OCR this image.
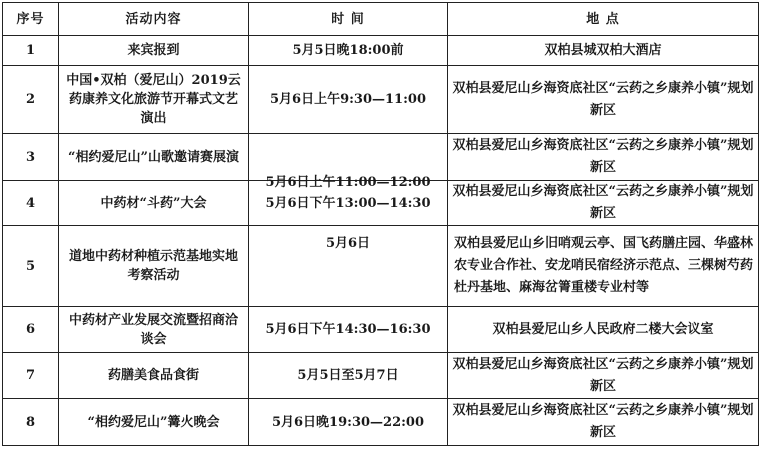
序号	活动内容	时 间	地 点
1	来宾报到	5月5日晚18:00前	双柏县城双柏大酒店
2	中国•双柏（爱尼山）2019云药康养文化旅游节开幕式文艺演出	5月6日上午9:30—11:00	双柏县爱尼山乡海资底社区“云药之乡康养小镇”规划新区
3	“相约爱尼山”山歌邀请赛展演	5月6日上午11:00—12:00	双柏县爱尼山乡海资底社区“云药之乡康养小镇”规划新区
4	中药材“斗药”大会	5月6日下午13:00—14:30	双柏县爱尼山乡海资底社区“云药之乡康养小镇”规划新区
5	道地中药材种植示范基地实地考察活动	5月6日	双柏县爱尼山乡旧哨观云亭、国飞药膳庄园、华盛林农专业合作社、安龙哨民宿经济示范点、三棵树芍药杜丹基地、麻海岔箐重楼专业村等
6	中药材产业发展交流暨招商洽谈会	5月6日下午14:30—16:30	双柏县爱尼山乡人民政府二楼大会议室
7	药膳美食品食街	5月5日至5月7日	双柏县爱尼山乡海资底社区“云药之乡康养小镇”规划新区
8	“相约爱尼山”篝火晚会	5月6日晚19:30—22:00	双柏县爱尼山乡海资底社区“云药之乡康养小镇”规划新区
